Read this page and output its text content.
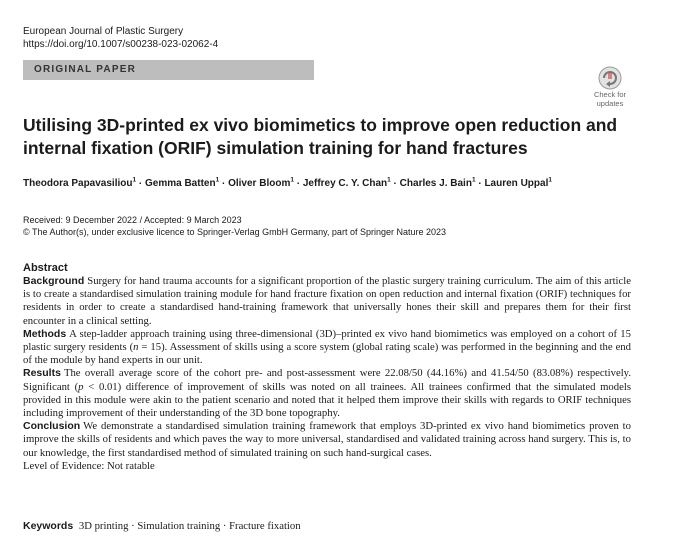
European Journal of Plastic Surgery
https://doi.org/10.1007/s00238-023-02062-4
ORIGINAL PAPER
Check for
updates
Utilising 3D-printed ex vivo biomimetics to improve open reduction and internal fixation (ORIF) simulation training for hand fractures
Theodora Papavasiliou$^1$ · Gemma Batten$^1$ · Oliver Bloom$^1$ · Jeffrey C. Y. Chan$^1$ · Charles J. Bain$^1$ · Lauren Uppal$^1$
Received: 9 December 2022 / Accepted: 9 March 2023
© The Author(s), under exclusive licence to Springer-Verlag GmbH Germany, part of Springer Nature 2023
Abstract

Background Surgery for hand trauma accounts for a significant proportion of the plastic surgery training curriculum. The aim of this article is to create a standardised simulation training module for hand fracture fixation on open reduction and internal fixation (ORIF) techniques for residents in order to create a standardised hand-training framework that universally hones their skill and prepares them for their first encounter in a clinical setting.

Methods A step-ladder approach training using three-dimensional (3D)–printed ex vivo hand biomimetics was employed on a cohort of 15 plastic surgery residents (n = 15). Assessment of skills using a score system (global rating scale) was performed in the beginning and the end of the module by hand experts in our unit.

Results The overall average score of the cohort pre- and post-assessment were 22.08/50 (44.16%) and 41.54/50 (83.08%) respectively. Significant (p < 0.01) difference of improvement of skills was noted on all trainees. All trainees confirmed that the simulated models provided in this module were akin to the patient scenario and noted that it helped them improve their skills with regards to ORIF techniques including improvement of their understanding of the 3D bone topography.

Conclusion We demonstrate a standardised simulation training framework that employs 3D-printed ex vivo hand biomimetics proven to improve the skills of residents and which paves the way to more universal, standardised and validated training across hand surgery. This is, to our knowledge, the first standardised method of simulated training on such hand-surgical cases.

Level of Evidence: Not ratable

Keywords 3D printing · Simulation training · Fracture fixation
